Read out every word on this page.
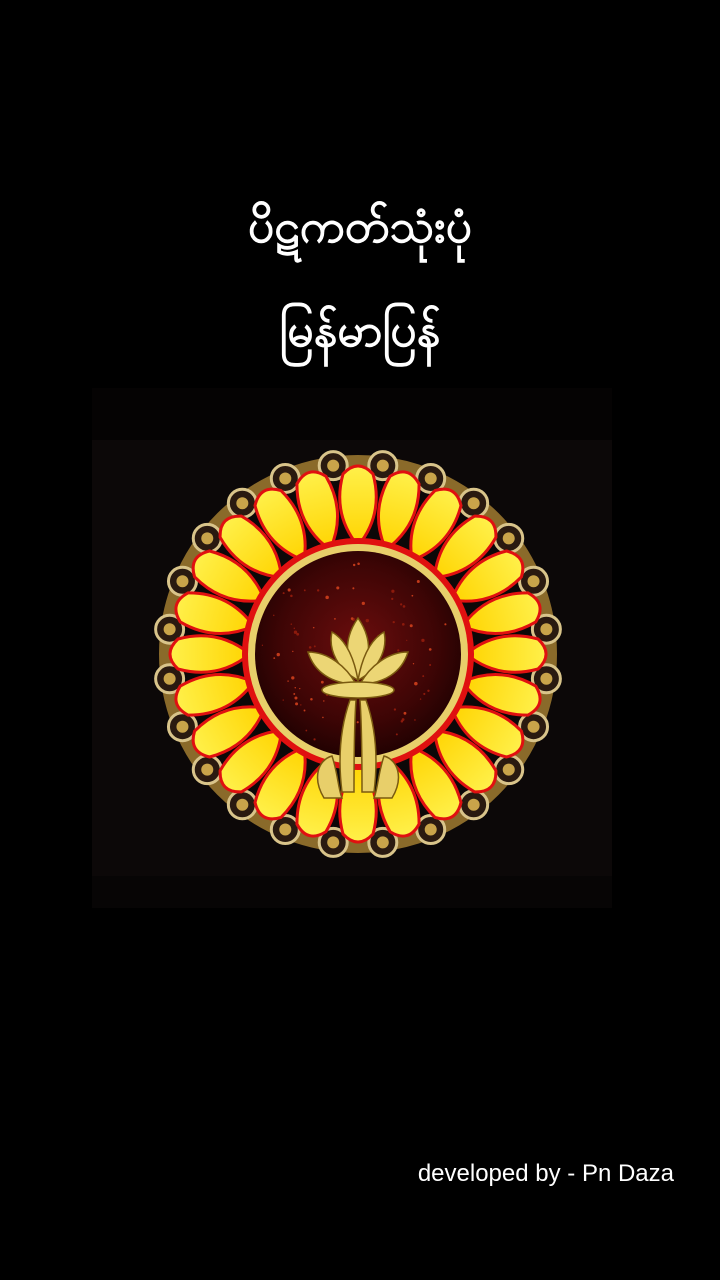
ပိဋကတ်သုံးပုံ
မြန်မာပြန်
developed by - Pn Daza
